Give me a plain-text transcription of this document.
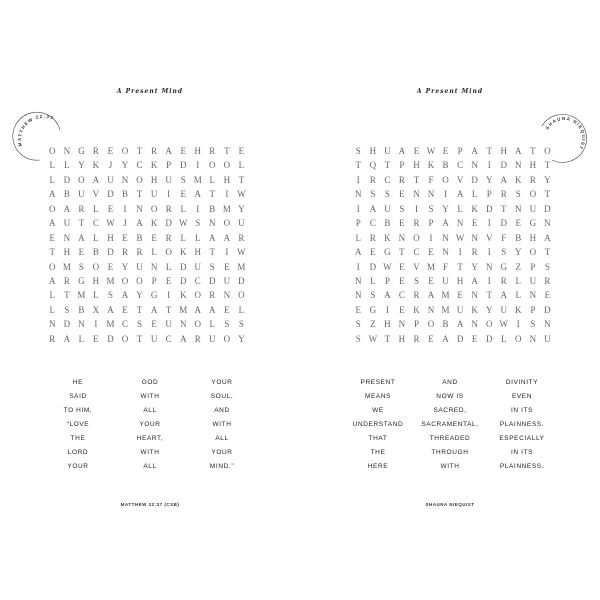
A Present Mind
MATTHEW 22:37
O N G R E O T R A E H R T	E
L	L Y K	J	Y C K P D	I	O O L
L D O A U N O H U S M L H T
A B U V D B T U	I	E A T	I W
O A R L	E	I	N O R L	I	B M Y
A U T C W J	A K D W S N O U
E N A L H E B E R L	L A A R
T H E B D R R L O K H T	I W
O M S O E Y U N L D U S	E M
A R G H M O O P	E D C D U D
L	T M L	S A Y G	I	K O R N O
L	S	B X A E	T A T M A A E	L
N D N	I	M C	S	E U N O L	S	S
R A L	E D O T U C A R U O Y
HE
SAID
TO HIM,
“LOVE
THE
LORD
YOUR
GOD
WITH
ALL
YOUR
HEART,
WITH
ALL
YOUR
SOUL,
AND
WITH
ALL
YOUR
MIND.”
MATTHEW 22:37 (CSB)
A Present Mind
SHAUNA NIEQUIST
S H U A E W E	P A T H A T O
T Q T	P H K B C N	I	D N H T
I	R C R T	F O V D Y A K R Y
N S	S	E N N	I	A L	P	R	S O T
I	A U S	I	S Y L K D T N U D
P	C B E R	P A N E	I	D E G N
L R K N O	I	N W N V F	B H A
A E G T C E N	I	R	I	S Y O T
I	D W E V M F	T Y N G Z	P	S
N L	P	E	S	E U H A	I	R L U R
N S A C R A M E N T A L N E
E G	I	E K N M U K Y U K P D
S	Z H N P O B A N O W I	S N
S W T H R E A D E D L O N U
PRESENT
MEANS
WE
UNDERSTAND
THAT
THE
HERE
AND
NOW IS
SACRED,
SACRAMENTAL,
THREADED
THROUGH
WITH
DIVINITY
EVEN
IN ITS
PLAINNESS.
ESPECIALLY
IN ITS
PLAINNESS.
SHAUNA NIEQUIST
